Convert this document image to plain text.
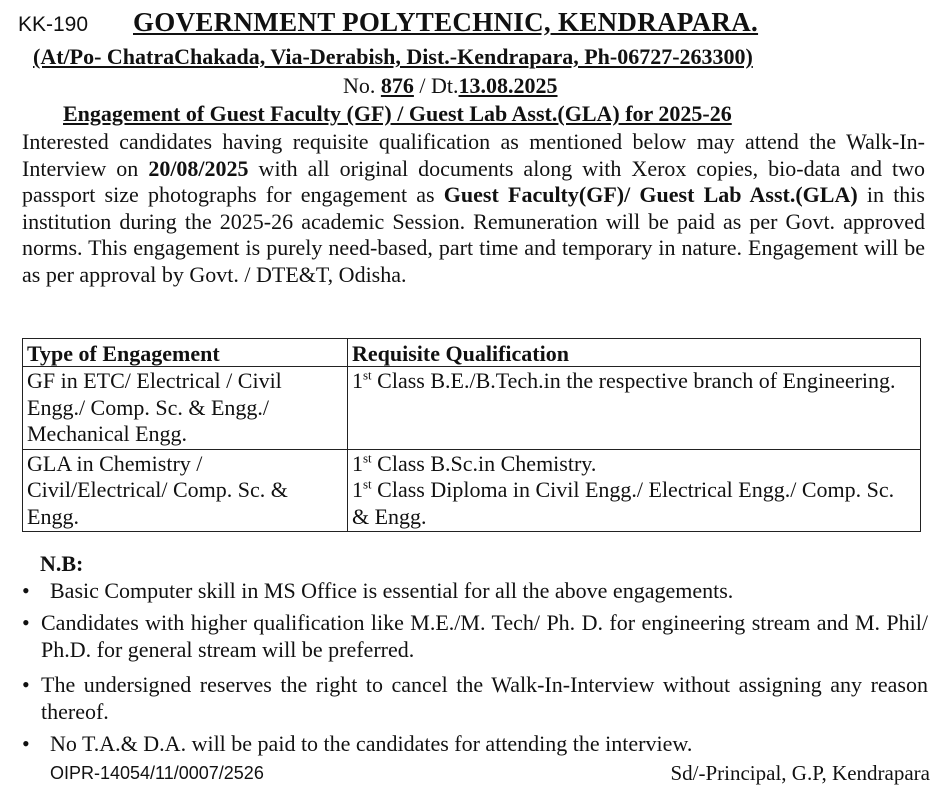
KK-190 GOVERNMENT POLYTECHNIC, KENDRAPARA.
(At/Po- ChatraChakada, Via-Derabish, Dist.-Kendrapara, Ph-06727-263300)
No. 876 / Dt.13.08.2025
Engagement of Guest Faculty (GF) / Guest Lab Asst.(GLA) for 2025-26
Interested candidates having requisite qualification as mentioned below may attend the Walk-In-Interview on 20/08/2025 with all original documents along with Xerox copies, bio-data and two passport size photographs for engagement as Guest Faculty(GF)/ Guest Lab Asst.(GLA) in this institution during the 2025-26 academic Session. Remuneration will be paid as per Govt. approved norms. This engagement is purely need-based, part time and temporary in nature. Engagement will be as per approval by Govt. / DTE&T, Odisha.
Type of Engagement	Requisite Qualification
GF in ETC/ Electrical / Civil Engg./ Comp. Sc. & Engg./ Mechanical Engg.	1st Class B.E./B.Tech.in the respective branch of Engineering.

GLA in Chemistry / Civil/Electrical/ Comp. Sc. & Engg.	1st Class B.Sc.in Chemistry.
1st Class Diploma in Civil Engg./ Electrical Engg./ Comp. Sc. & Engg.
N.B:
• Basic Computer skill in MS Office is essential for all the above engagements.
• Candidates with higher qualification like M.E./M. Tech/ Ph. D. for engineering stream and M. Phil/ Ph.D. for general stream will be preferred.
• The undersigned reserves the right to cancel the Walk-In-Interview without assigning any reason thereof.
• No T.A.& D.A. will be paid to the candidates for attending the interview.
OIPR-14054/11/0007/2526	Sd/-Principal, G.P, Kendrapara
